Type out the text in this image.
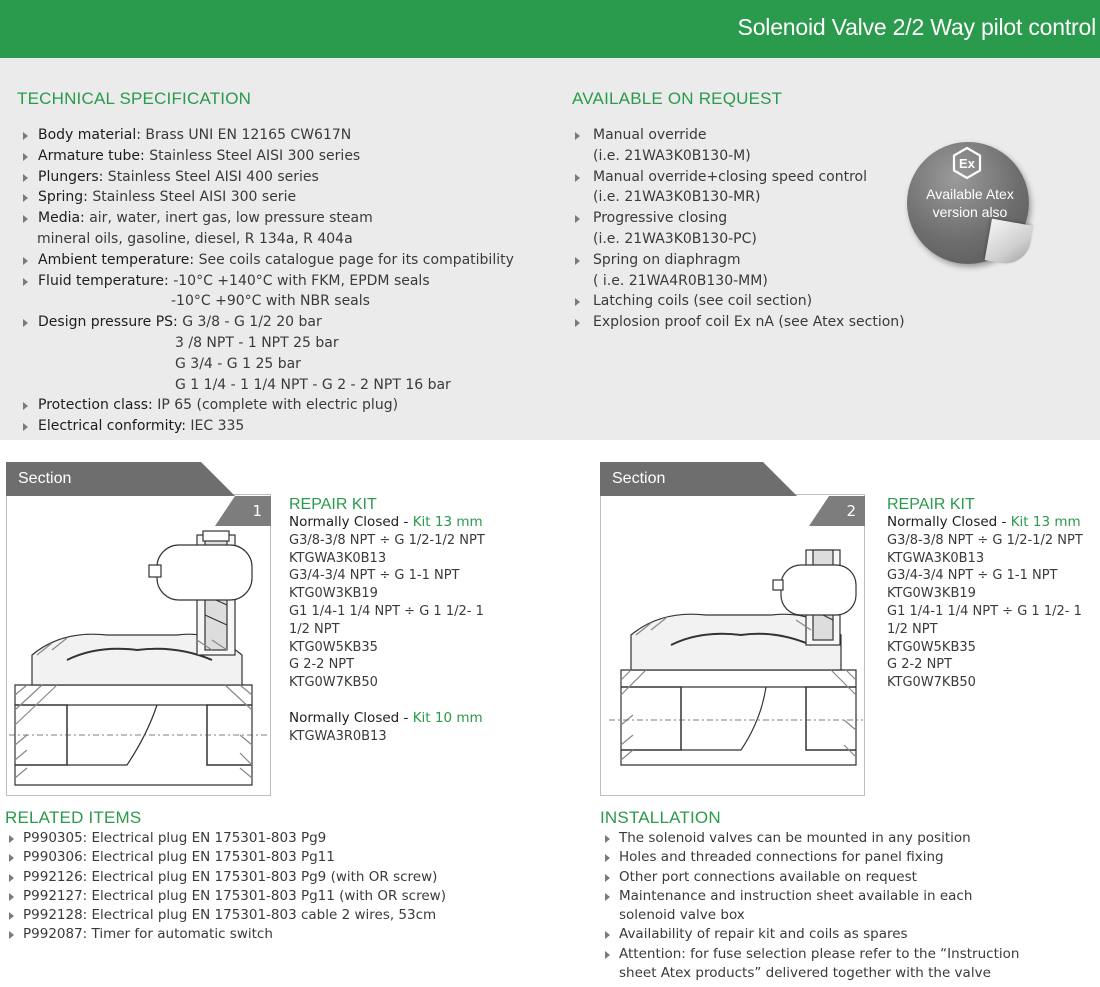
Solenoid Valve 2/2 Way pilot control
TECHNICAL SPECIFICATION
Body material: Brass UNI EN 12165 CW617N
Armature tube: Stainless Steel AISI 300 series
Plungers: Stainless Steel AISI 400 series
Spring: Stainless Steel AISI 300 serie
Media: air, water, inert gas, low pressure steam
mineral oils, gasoline, diesel, R 134a, R 404a
Ambient temperature: See coils catalogue page for its compatibility
Fluid temperature: -10°C +140°C with FKM, EPDM seals
-10°C +90°C with NBR seals
Design pressure PS: G 3/8 - G 1/2 20 bar
3 /8 NPT - 1 NPT 25 bar
G 3/4 - G 1 25 bar
G 1 1/4 - 1 1/4 NPT - G 2 - 2 NPT 16 bar
Protection class: IP 65 (complete with electric plug)
Electrical conformity: IEC 335
AVAILABLE ON REQUEST
Manual override
(i.e. 21WA3K0B130-M)
Manual override+closing speed control
(i.e. 21WA3K0B130-MR)
Progressive closing
(i.e. 21WA3K0B130-PC)
Spring on diaphragm
( i.e. 21WA4R0B130-MM)
Latching coils (see coil section)
Explosion proof coil Ex nA (see Atex section)
Ex
Available Atex
version also
Section
1
Section
2
REPAIR KIT
Normally Closed - Kit 13 mm
G3/8-3/8 NPT ÷ G 1/2-1/2 NPT
KTGWA3K0B13
G3/4-3/4 NPT ÷ G 1-1 NPT
KTG0W3KB19
G1 1/4-1 1/4 NPT ÷ G 1 1/2- 1
1/2 NPT
KTG0W5KB35
G 2-2 NPT
KTG0W7KB50
Normally Closed - Kit 10 mm
KTGWA3R0B13
REPAIR KIT
Normally Closed - Kit 13 mm
G3/8-3/8 NPT ÷ G 1/2-1/2 NPT
KTGWA3K0B13
G3/4-3/4 NPT ÷ G 1-1 NPT
KTG0W3KB19
G1 1/4-1 1/4 NPT ÷ G 1 1/2- 1
1/2 NPT
KTG0W5KB35
G 2-2 NPT
KTG0W7KB50
RELATED ITEMS
P990305: Electrical plug EN 175301-803 Pg9
P990306: Electrical plug EN 175301-803 Pg11
P992126: Electrical plug EN 175301-803 Pg9 (with OR screw)
P992127: Electrical plug EN 175301-803 Pg11 (with OR screw)
P992128: Electrical plug EN 175301-803 cable 2 wires, 53cm
P992087: Timer for automatic switch
INSTALLATION
The solenoid valves can be mounted in any position
Holes and threaded connections for panel fixing
Other port connections available on request
Maintenance and instruction sheet available in each
solenoid valve box
Availability of repair kit and coils as spares
Attention: for fuse selection please refer to the “Instruction
sheet Atex products” delivered together with the valve
